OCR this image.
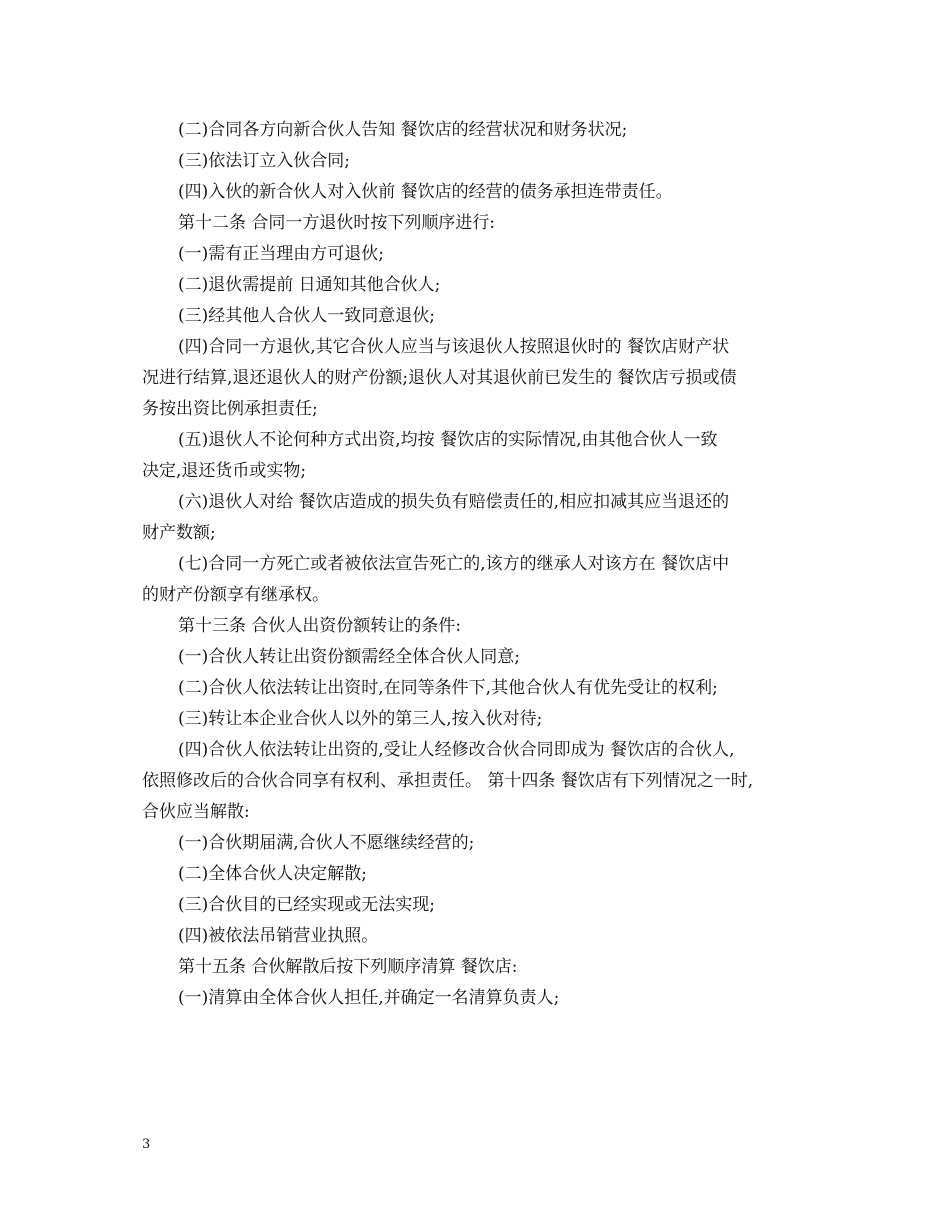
(二)合同各方向新合伙人告知 餐饮店的经营状况和财务状况;
(三)依法订立入伙合同;
(四)入伙的新合伙人对入伙前 餐饮店的经营的债务承担连带责任。
第十二条 合同一方退伙时按下列顺序进行:
(一)需有正当理由方可退伙;
(二)退伙需提前 日通知其他合伙人;
(三)经其他人合伙人一致同意退伙;
(四)合同一方退伙,其它合伙人应当与该退伙人按照退伙时的 餐饮店财产状
况进行结算,退还退伙人的财产份额;退伙人对其退伙前已发生的 餐饮店亏损或债
务按出资比例承担责任;
(五)退伙人不论何种方式出资,均按 餐饮店的实际情况,由其他合伙人一致
决定,退还货币或实物;
(六)退伙人对给 餐饮店造成的损失负有赔偿责任的,相应扣减其应当退还的
财产数额;
(七)合同一方死亡或者被依法宣告死亡的,该方的继承人对该方在 餐饮店中
的财产份额享有继承权。
第十三条 合伙人出资份额转让的条件:
(一)合伙人转让出资份额需经全体合伙人同意;
(二)合伙人依法转让出资时,在同等条件下,其他合伙人有优先受让的权利;
(三)转让本企业合伙人以外的第三人,按入伙对待;
(四)合伙人依法转让出资的,受让人经修改合伙合同即成为 餐饮店的合伙人,
依照修改后的合伙合同享有权利、承担责任。 第十四条 餐饮店有下列情况之一时,
合伙应当解散:
(一)合伙期届满,合伙人不愿继续经营的;
(二)全体合伙人决定解散;
(三)合伙目的已经实现或无法实现;
(四)被依法吊销营业执照。
第十五条 合伙解散后按下列顺序清算 餐饮店:
(一)清算由全体合伙人担任,并确定一名清算负责人;
3
